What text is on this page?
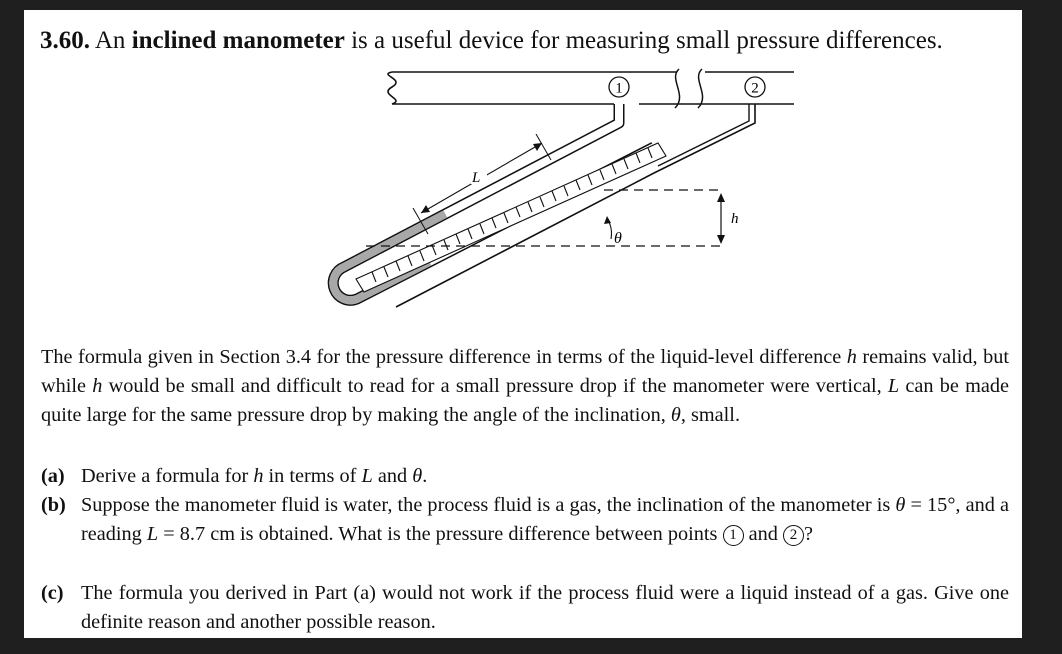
3.60. An inclined manometer is a useful device for measuring small pressure differences.
1	2
h
θ
L
The formula given in Section 3.4 for the pressure difference in terms of the liquid-level difference h remains valid, but while h would be small and difficult to read for a small pressure drop if the manometer were vertical, L can be made quite large for the same pressure drop by making the angle of the inclination, θ, small.
(a) Derive a formula for h in terms of L and θ.
(b) Suppose the manometer fluid is water, the process fluid is a gas, the inclination of the manometer is θ = 15°, and a reading L = 8.7 cm is obtained. What is the pressure difference between points 1 and 2 ?
(c) The formula you derived in Part (a) would not work if the process fluid were a liquid instead of a gas. Give one definite reason and another possible reason.
